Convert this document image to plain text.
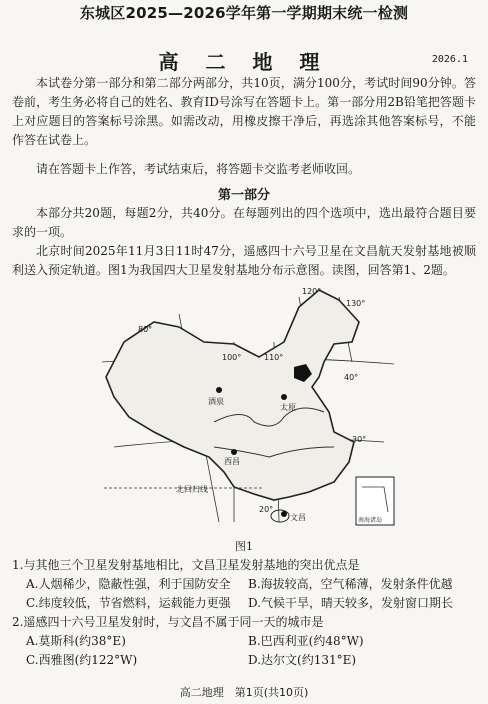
东城区2025—2026学年第一学期期末统一检测
高 二 地 理	2026.1
本试卷分第一部分和第二部分两部分，共10页，满分100分，考试时间90分钟。答卷前，考生务必将自己的姓名、教育ID号涂写在答题卡上。第一部分用2B铅笔把答题卡上对应题目的答案标号涂黑。如需改动，用橡皮擦干净后，再选涂其他答案标号，不能作答在试卷上。
请在答题卡上作答，考试结束后，将答题卡交监考老师收回。
第一部分
本部分共20题，每题2分，共40分。在每题列出的四个选项中，选出最符合题目要求的一项。
北京时间2025年11月3日11时47分，遥感四十六号卫星在文昌航天发射基地被顺利送入预定轨道。图1为我国四大卫星发射基地分布示意图。读图，回答第1、2题。
80°
100°	110°
120°
130°
40°
30°
20°
酒泉
太原
西昌
文昌
北回归线
南海诸岛
图1
1.与其他三个卫星发射基地相比，文昌卫星发射基地的突出优点是
A.人烟稀少，隐蔽性强，利于国防安全 B.海拔较高，空气稀薄，发射条件优越
C.纬度较低，节省燃料，运载能力更强 D.气候干旱，晴天较多，发射窗口期长
2.遥感四十六号卫星发射时，与文昌不属于同一天的城市是
A.莫斯科(约38°E)	B.巴西利亚(约48°W)
C.西雅图(约122°W)	D.达尔文(约131°E)
高二地理　第1页(共10页)
